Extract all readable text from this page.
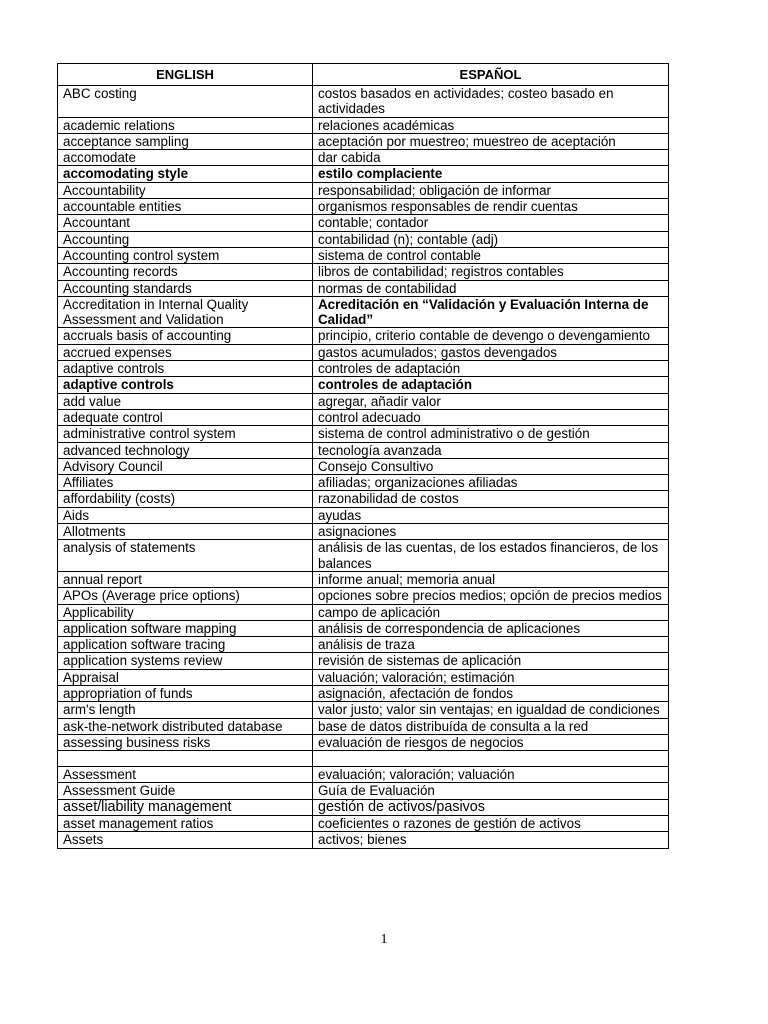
ENGLISH	ESPAÑOL
ABC costing	costos basados en actividades; costeo basado en actividades
academic relations	relaciones académicas
acceptance sampling	aceptación por muestreo; muestreo de aceptación
accomodate	dar cabida
accomodating style	estilo complaciente
Accountability	responsabilidad; obligación de informar
accountable entities	organismos responsables de rendir cuentas
Accountant	contable; contador
Accounting	contabilidad (n); contable (adj)
Accounting control system	sistema de control contable
Accounting records	libros de contabilidad; registros contables
Accounting standards	normas de contabilidad
Accreditation in Internal Quality Assessment and Validation	Acreditación en “Validación y Evaluación Interna de Calidad”
accruals basis of accounting	principio, criterio contable de devengo o devengamiento
accrued expenses	gastos acumulados; gastos devengados
adaptive controls	controles de adaptación
adaptive controls	controles de adaptación
add value	agregar, añadir valor
adequate control	control adecuado
administrative control system	sistema de control administrativo o de gestión
advanced technology	tecnología avanzada
Advisory Council	Consejo Consultivo
Affiliates	afiliadas; organizaciones afiliadas
affordability (costs)	razonabilidad de costos
Aids	ayudas
Allotments	asignaciones
analysis of statements	análisis de las cuentas, de los estados financieros, de los balances
annual report	informe anual; memoria anual
APOs (Average price options)	opciones sobre precios medios; opción de precios medios
Applicability	campo de aplicación
application software mapping	análisis de correspondencia de aplicaciones
application software tracing	análisis de traza
application systems review	revisión de sistemas de aplicación
Appraisal	valuación; valoración; estimación
appropriation of funds	asignación, afectación de fondos
arm's length	valor justo; valor sin ventajas; en igualdad de condiciones
ask-the-network distributed database	base de datos distribuída de consulta a la red
assessing business risks	evaluación de riesgos de negocios

Assessment	evaluación; valoración; valuación
Assessment Guide	Guía de Evaluación
asset/liability management	gestión de activos/pasivos
asset management ratios	coeficientes o razones de gestión de activos
Assets	activos; bienes
1
